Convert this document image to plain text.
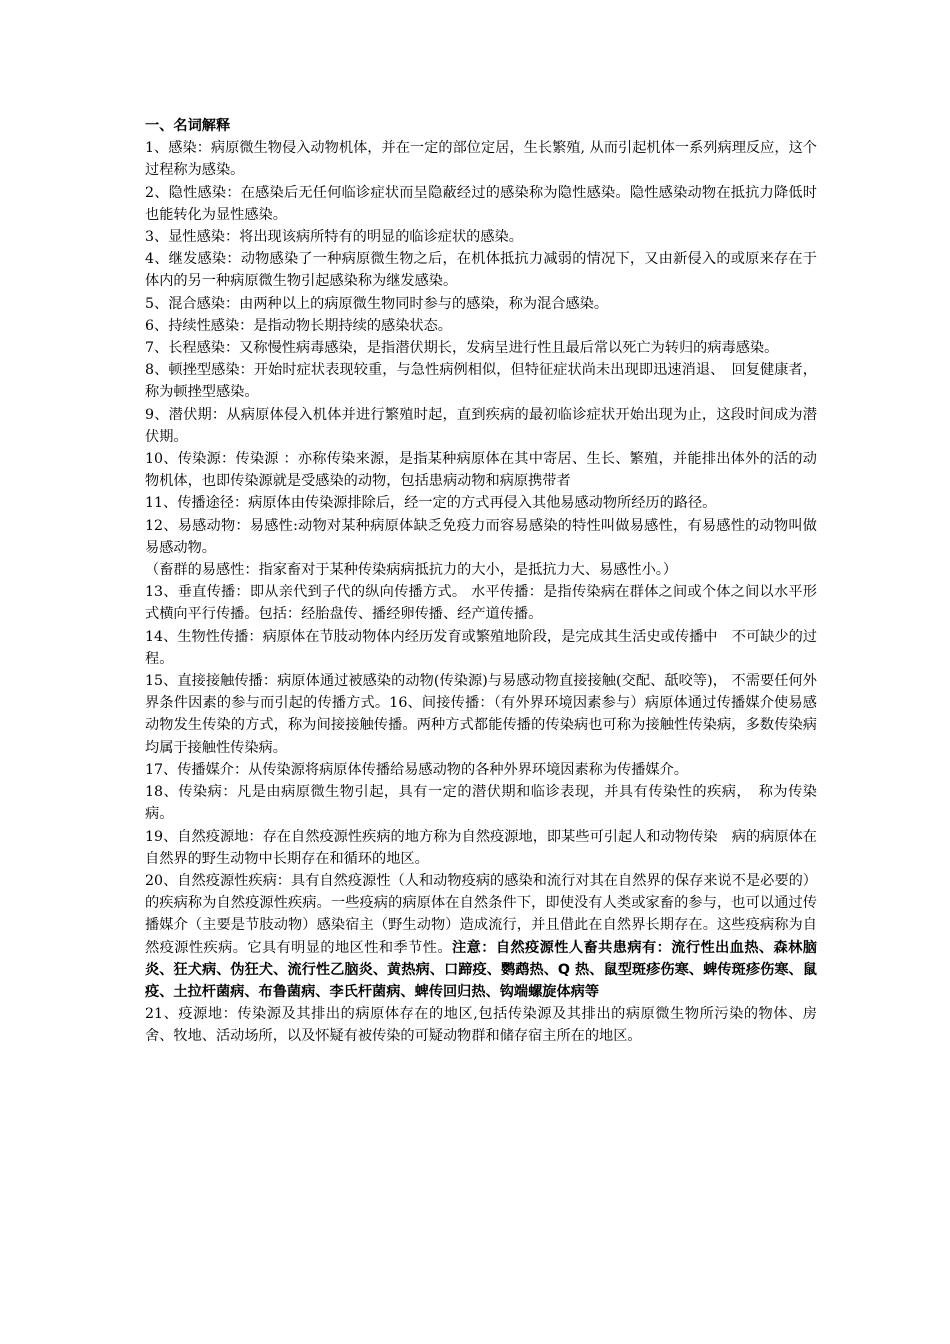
一、名词解释

1、感染：病原微生物侵入动物机体，并在一定的部位定居，生长繁殖, 从而引起机体一系列病理反应，这个过程称为感染。

2、隐性感染：在感染后无任何临诊症状而呈隐蔽经过的感染称为隐性感染。隐性感染动物在抵抗力降低时也能转化为显性感染。

3、显性感染：将出现该病所特有的明显的临诊症状的感染。

4、继发感染：动物感染了一种病原微生物之后，在机体抵抗力减弱的情况下，又由新侵入的或原来存在于体内的另一种病原微生物引起感染称为继发感染。

5、混合感染：由两种以上的病原微生物同时参与的感染，称为混合感染。

6、持续性感染：是指动物长期持续的感染状态。

7、长程感染：又称慢性病毒感染，是指潜伏期长，发病呈进行性且最后常以死亡为转归的病毒感染。

8、顿挫型感染：开始时症状表现较重，与急性病例相似，但特征症状尚未出现即迅速消退、　回复健康者，称为顿挫型感染。

9、潜伏期：从病原体侵入机体并进行繁殖时起，直到疾病的最初临诊症状开始出现为止，这段时间成为潜伏期。

10、传染源：传染源 ：亦称传染来源，是指某种病原体在其中寄居、生长、繁殖，并能排出体外的活的动物机体，也即传染源就是受感染的动物，包括患病动物和病原携带者

11、传播途径：病原体由传染源排除后，经一定的方式再侵入其他易感动物所经历的路径。

12、易感动物：易感性:动物对某种病原体缺乏免疫力而容易感染的特性叫做易感性，有易感性的动物叫做易感动物。

（畜群的易感性：指家畜对于某种传染病病抵抗力的大小，是抵抗力大、易感性小。）

13、垂直传播：即从亲代到子代的纵向传播方式。 水平传播：是指传染病在群体之间或个体之间以水平形式横向平行传播。包括：经胎盘传、播经卵传播、经产道传播。

14、生物性传播：病原体在节肢动物体内经历发育或繁殖地阶段，是完成其生活史或传播中　不可缺少的过程。

15、直接接触传播：病原体通过被感染的动物(传染源)与易感动物直接接触(交配、舐咬等)， 不需要任何外界条件因素的参与而引起的传播方式。16、间接传播：（有外界环境因素参与）病原体通过传播媒介使易感动物发生传染的方式，称为间接接触传播。两种方式都能传播的传染病也可称为接触性传染病，多数传染病均属于接触性传染病。

17、传播媒介：从传染源将病原体传播给易感动物的各种外界环境因素称为传播媒介。

18、传染病：凡是由病原微生物引起，具有一定的潜伏期和临诊表现，并具有传染性的疾病，　称为传染病。

19、自然疫源地：存在自然疫源性疾病的地方称为自然疫源地，即某些可引起人和动物传染　病的病原体在自然界的野生动物中长期存在和循环的地区。

20、自然疫源性疾病：具有自然疫源性（人和动物疫病的感染和流行对其在自然界的保存来说不是必要的）的疾病称为自然疫源性疾病。一些疫病的病原体在自然条件下，即使没有人类或家畜的参与，也可以通过传播媒介（主要是节肢动物）感染宿主（野生动物）造成流行，并且借此在自然界长期存在。这些疫病称为自然疫源性疾病。它具有明显的地区性和季节性。注意：自然疫源性人畜共患病有：流行性出血热、森林脑炎、狂犬病、伪狂犬、流行性乙脑炎、黄热病、口蹄疫、鹦鹉热、Q 热、鼠型斑疹伤寒、蜱传斑疹伤寒、鼠疫、土拉杆菌病、布鲁菌病、李氏杆菌病、蜱传回归热、钩端螺旋体病等

21、疫源地：传染源及其排出的病原体存在的地区,包括传染源及其排出的病原微生物所污染的物体、房舍、牧地、活动场所，以及怀疑有被传染的可疑动物群和储存宿主所在的地区。
